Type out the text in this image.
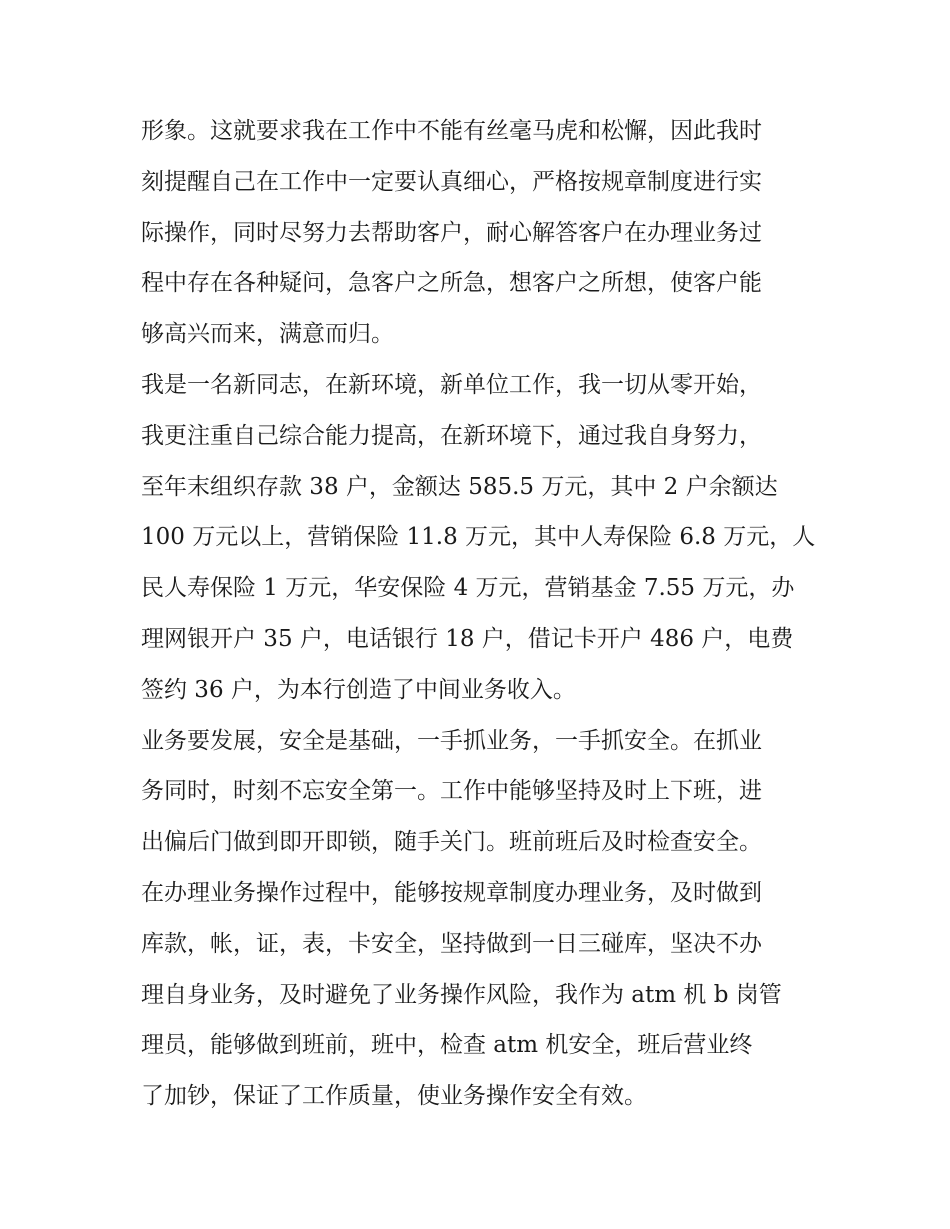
形象。这就要求我在工作中不能有丝毫马虎和松懈，因此我时
刻提醒自己在工作中一定要认真细心，严格按规章制度进行实
际操作，同时尽努力去帮助客户，耐心解答客户在办理业务过
程中存在各种疑问，急客户之所急，想客户之所想，使客户能
够高兴而来，满意而归。
我是一名新同志，在新环境，新单位工作，我一切从零开始，
我更注重自己综合能力提高，在新环境下，通过我自身努力，
至年末组织存款 38 户，金额达 585.5 万元，其中 2 户余额达
100 万元以上，营销保险 11.8 万元，其中人寿保险 6.8 万元，人
民人寿保险 1 万元，华安保险 4 万元，营销基金 7.55 万元，办
理网银开户 35 户，电话银行 18 户，借记卡开户 486 户，电费
签约 36 户，为本行创造了中间业务收入。
业务要发展，安全是基础，一手抓业务，一手抓安全。在抓业
务同时，时刻不忘安全第一。工作中能够坚持及时上下班，进
出偏后门做到即开即锁，随手关门。班前班后及时检查安全。
在办理业务操作过程中，能够按规章制度办理业务，及时做到
库款，帐，证，表，卡安全，坚持做到一日三碰库，坚决不办
理自身业务，及时避免了业务操作风险，我作为 atm 机 b 岗管
理员，能够做到班前，班中，检查 atm 机安全，班后营业终
了加钞，保证了工作质量，使业务操作安全有效。
